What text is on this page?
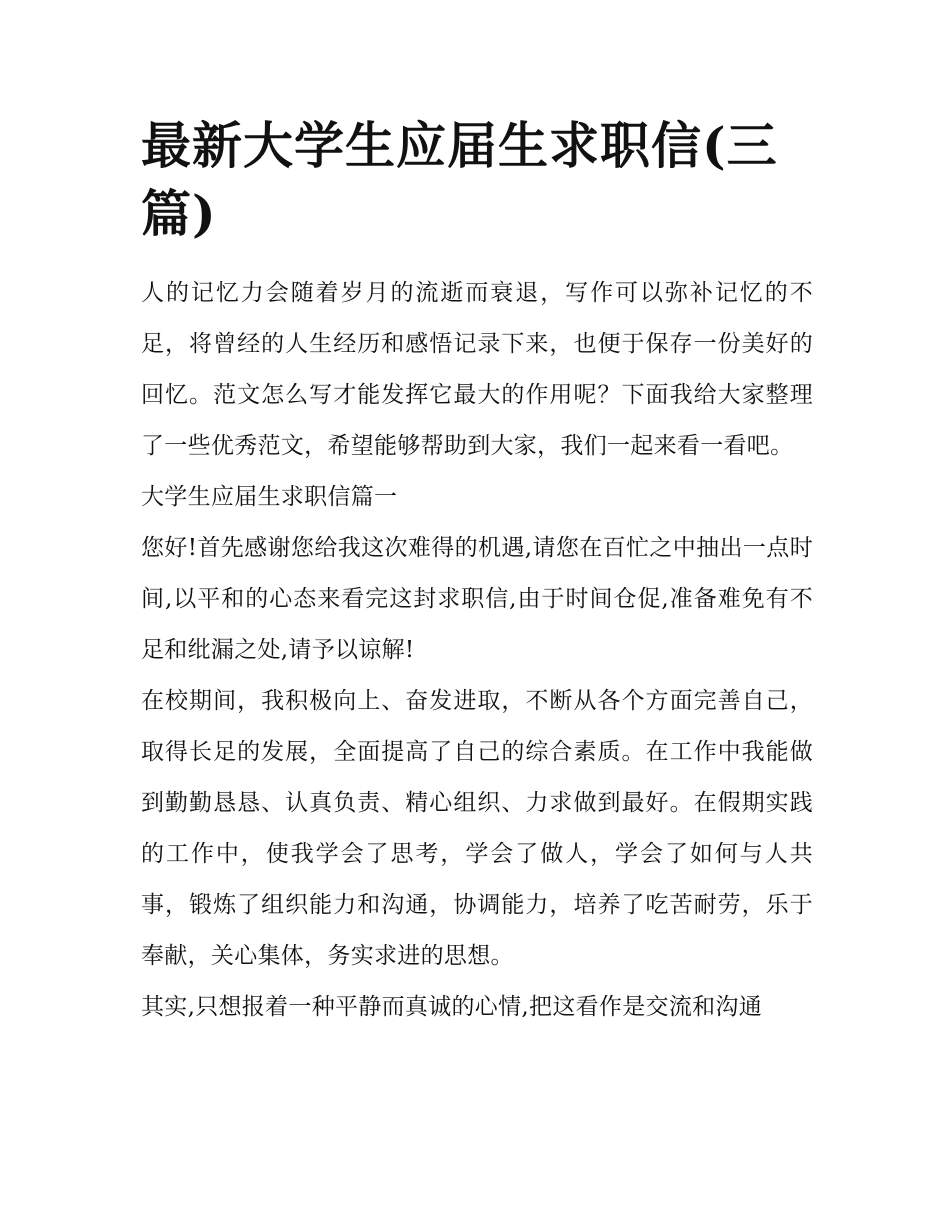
最新大学生应届生求职信(三篇)

人的记忆力会随着岁月的流逝而衰退，写作可以弥补记忆的不足，将曾经的人生经历和感悟记录下来，也便于保存一份美好的回忆。范文怎么写才能发挥它最大的作用呢？下面我给大家整理了一些优秀范文，希望能够帮助到大家，我们一起来看一看吧。

大学生应届生求职信篇一

您好!首先感谢您给我这次难得的机遇,请您在百忙之中抽出一点时间,以平和的心态来看完这封求职信,由于时间仓促,准备难免有不足和纰漏之处,请予以谅解!

在校期间，我积极向上、奋发进取，不断从各个方面完善自己，取得长足的发展，全面提高了自己的综合素质。在工作中我能做到勤勤恳恳、认真负责、精心组织、力求做到最好。在假期实践的工作中，使我学会了思考，学会了做人，学会了如何与人共事，锻炼了组织能力和沟通，协调能力，培养了吃苦耐劳，乐于奉献，关心集体，务实求进的思想。

其实,只想报着一种平静而真诚的心情,把这看作是交流和沟通
